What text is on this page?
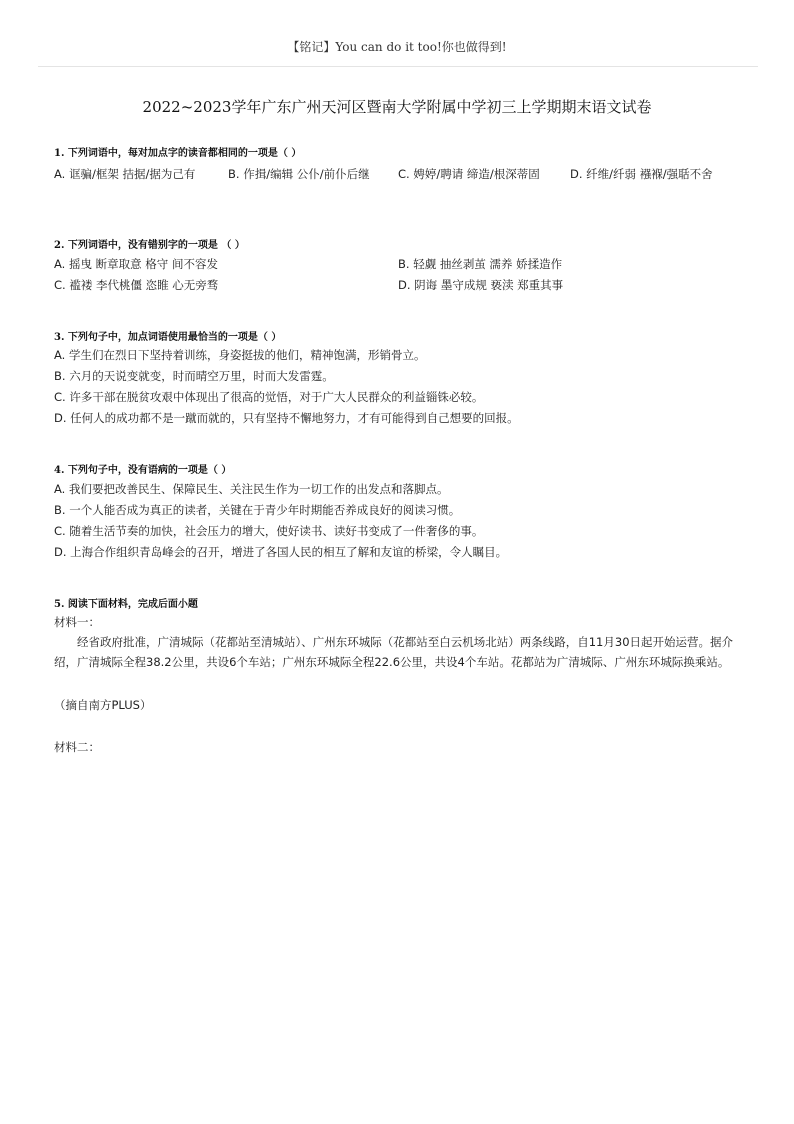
【铭记】You can do it too!你也做得到!
2022~2023学年广东广州天河区暨南大学附属中学初三上学期期末语文试卷
1. 下列词语中，每对加点字的读音都相同的一项是（ ）
A. 诓骗/框架 拮据/据为己有	B. 作揖/编辑 公仆/前仆后继	C. 娉婷/聘请 缔造/根深蒂固	D. 纤维/纤弱 襁褓/强聒不舍
2. 下列词语中，没有错别字的一项是 （ ）
A. 摇曳 断章取意 格守 间不容发	B. 轻觑 抽丝剥茧 濡养 娇揉造作
C. 褴褛 李代桃僵 恣睢 心无旁骛	D. 阴诲 墨守成规 亵渎 郑重其事
3. 下列句子中，加点词语使用最恰当的一项是（ ）
A. 学生们在烈日下坚持着训练，身姿挺拔的他们，精神饱满，形销骨立。
B. 六月的天说变就变，时而晴空万里，时而大发雷霆。
C. 许多干部在脱贫攻艰中体现出了很高的觉悟，对于广大人民群众的利益锱铢必较。
D. 任何人的成功都不是一蹴而就的，只有坚持不懈地努力，才有可能得到自己想要的回报。
4. 下列句子中，没有语病的一项是（ ）
A. 我们要把改善民生、保障民生、关注民生作为一切工作的出发点和落脚点。
B. 一个人能否成为真正的读者，关键在于青少年时期能否养成良好的阅读习惯。
C. 随着生活节奏的加快，社会压力的增大，使好读书、读好书变成了一件奢侈的事。
D. 上海合作组织青岛峰会的召开，增进了各国人民的相互了解和友谊的桥梁，令人瞩目。
5. 阅读下面材料，完成后面小题
材料一：
经省政府批准，广清城际（花都站至清城站）、广州东环城际（花都站至白云机场北站）两条线路，自11月30日起开始运营。据介绍，广清城际全程38.2公里，共设6个车站；广州东环城际全程22.6公里，共设4个车站。花都站为广清城际、广州东环城际换乘站。
（摘自南方PLUS）
材料二：
